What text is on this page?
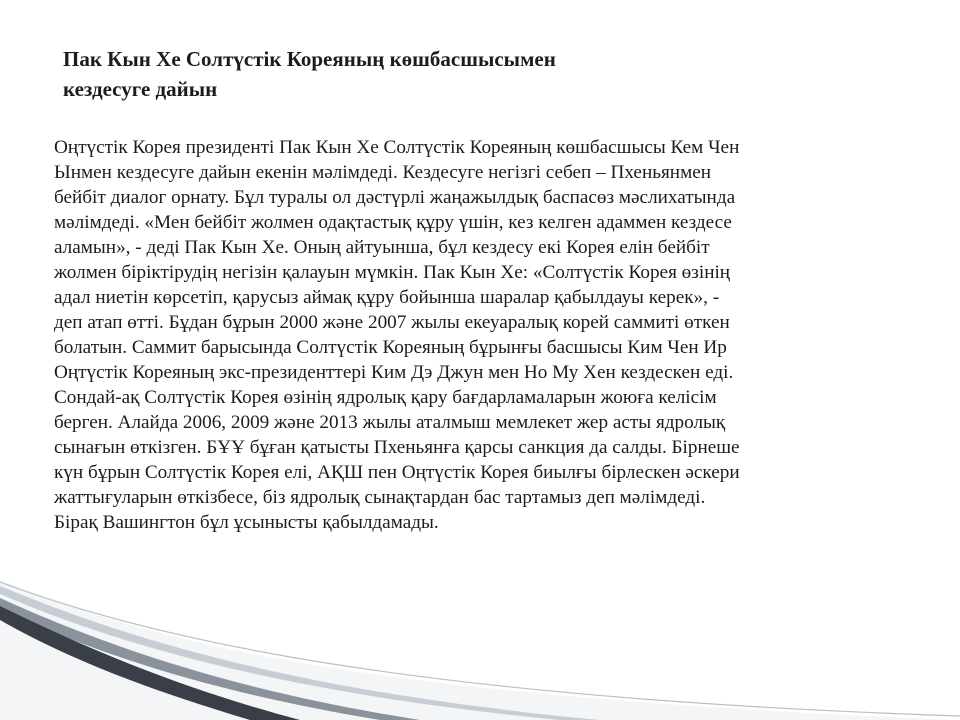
Пак Кын Хе Солтүстік Кореяның көшбасшысымен
кездесуге дайын
Оңтүстік Корея президенті Пак Кын Хе Солтүстік Кореяның көшбасшысы Кем Чен
Ынмен кездесуге дайын екенін мәлімдеді. Кездесуге негізгі себеп – Пхеньянмен
бейбіт диалог орнату. Бұл туралы ол дәстүрлі жаңажылдық баспасөз мәслихатында
мәлімдеді. «Мен бейбіт жолмен одақтастық құру үшін, кез келген адаммен кездесе
аламын», - деді Пак Кын Хе. Оның айтуынша, бұл кездесу екі Корея елін бейбіт
жолмен біріктірудің негізін қалауын мүмкін. Пак Кын Хе: «Солтүстік Корея өзінің
адал ниетін көрсетіп, қарусыз аймақ құру бойынша шаралар қабылдауы керек», -
деп атап өтті. Бұдан бұрын 2000 және 2007 жылы екеуаралық корей саммиті өткен
болатын. Саммит барысында Солтүстік Кореяның бұрынғы басшысы Ким Чен Ир
Оңтүстік Кореяның экс-президенттері Ким Дэ Джун мен Но Му Хен кездескен еді.
Сондай-ақ Солтүстік Корея өзінің ядролық қару бағдарламаларын жоюға келісім
берген. Алайда 2006, 2009 және 2013 жылы аталмыш мемлекет жер асты ядролық
сынағын өткізген. БҰҰ бұған қатысты Пхеньянға қарсы санкция да салды. Бірнеше
күн бұрын Солтүстік Корея елі, АҚШ пен Оңтүстік Корея биылғы бірлескен әскери
жаттығуларын өткізбесе, біз ядролық сынақтардан бас тартамыз деп мәлімдеді.
Бірақ Вашингтон бұл ұсынысты қабылдамады.
